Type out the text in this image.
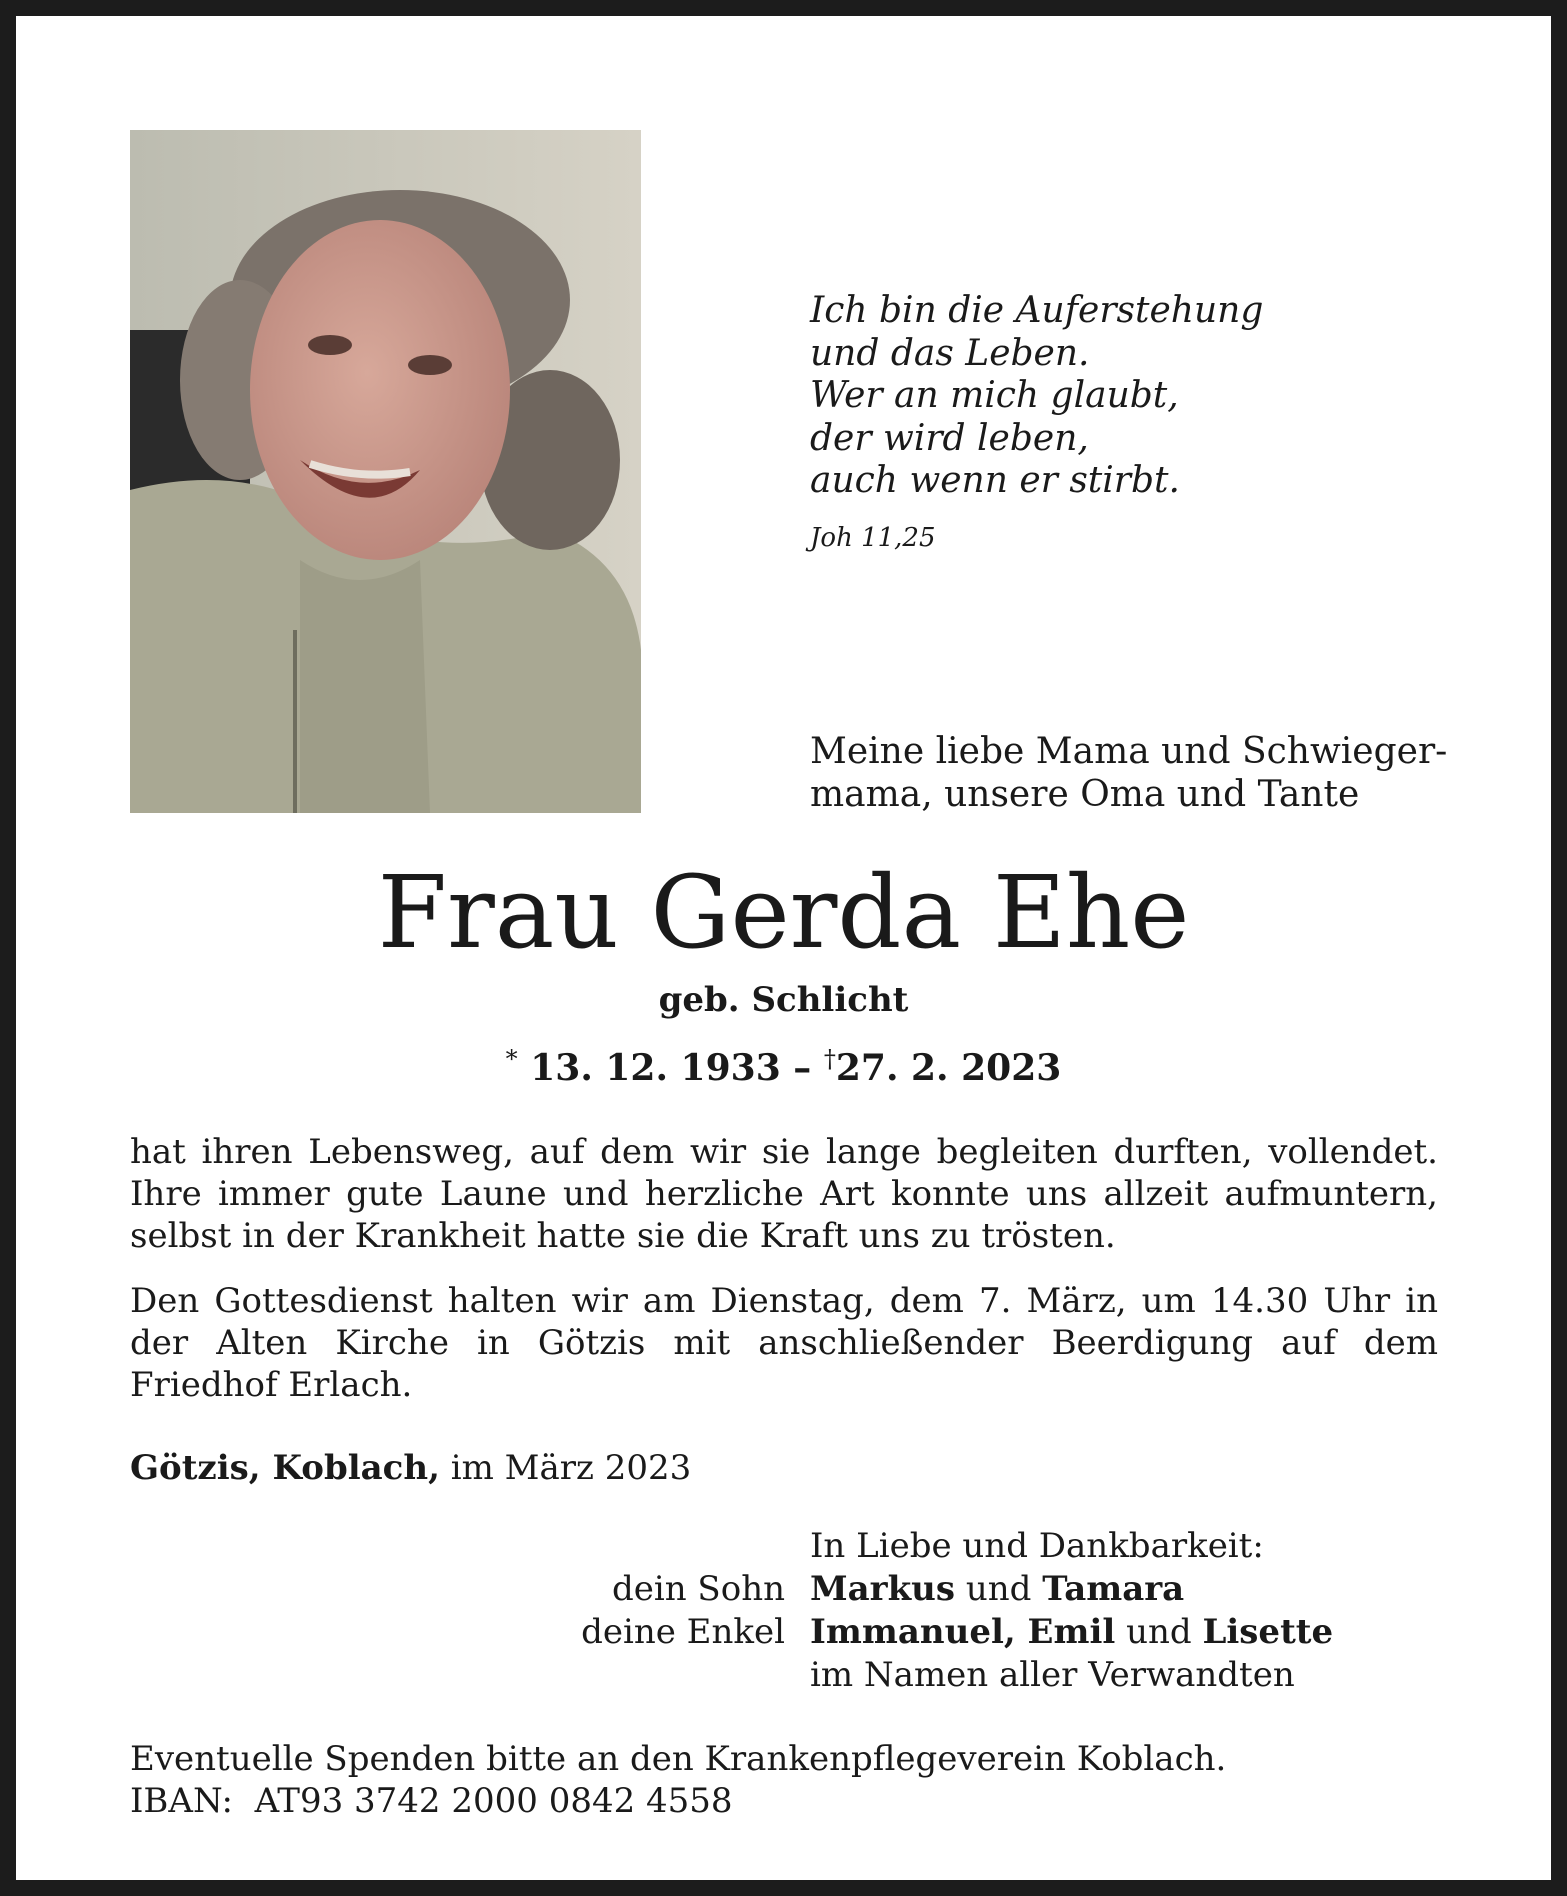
Ich bin die Auferstehung
und das Leben.
Wer an mich glaubt,
der wird leben,
auch wenn er stirbt.
Joh 11,25
Meine liebe Mama und Schwieger-
mama, unsere Oma und Tante
Frau Gerda Ehe
geb. Schlicht
* 13. 12. 1933 – †27. 2. 2023
hat ihren Lebensweg, auf dem wir sie lange begleiten durften, vollendet. Ihre immer gute Laune und herzliche Art konnte uns allzeit aufmuntern, selbst in der Krankheit hatte sie die Kraft uns zu trösten.
Den Gottesdienst halten wir am Dienstag, dem 7. März, um 14.30 Uhr in der Alten Kirche in Götzis mit anschließender Beerdigung auf dem Friedhof Erlach.
Götzis, Koblach, im März 2023
In Liebe und Dankbarkeit:
dein Sohn Markus und Tamara
deine Enkel Immanuel, Emil und Lisette
im Namen aller Verwandten
Eventuelle Spenden bitte an den Krankenpflegeverein Koblach.
IBAN:  AT93 3742 2000 0842 4558
